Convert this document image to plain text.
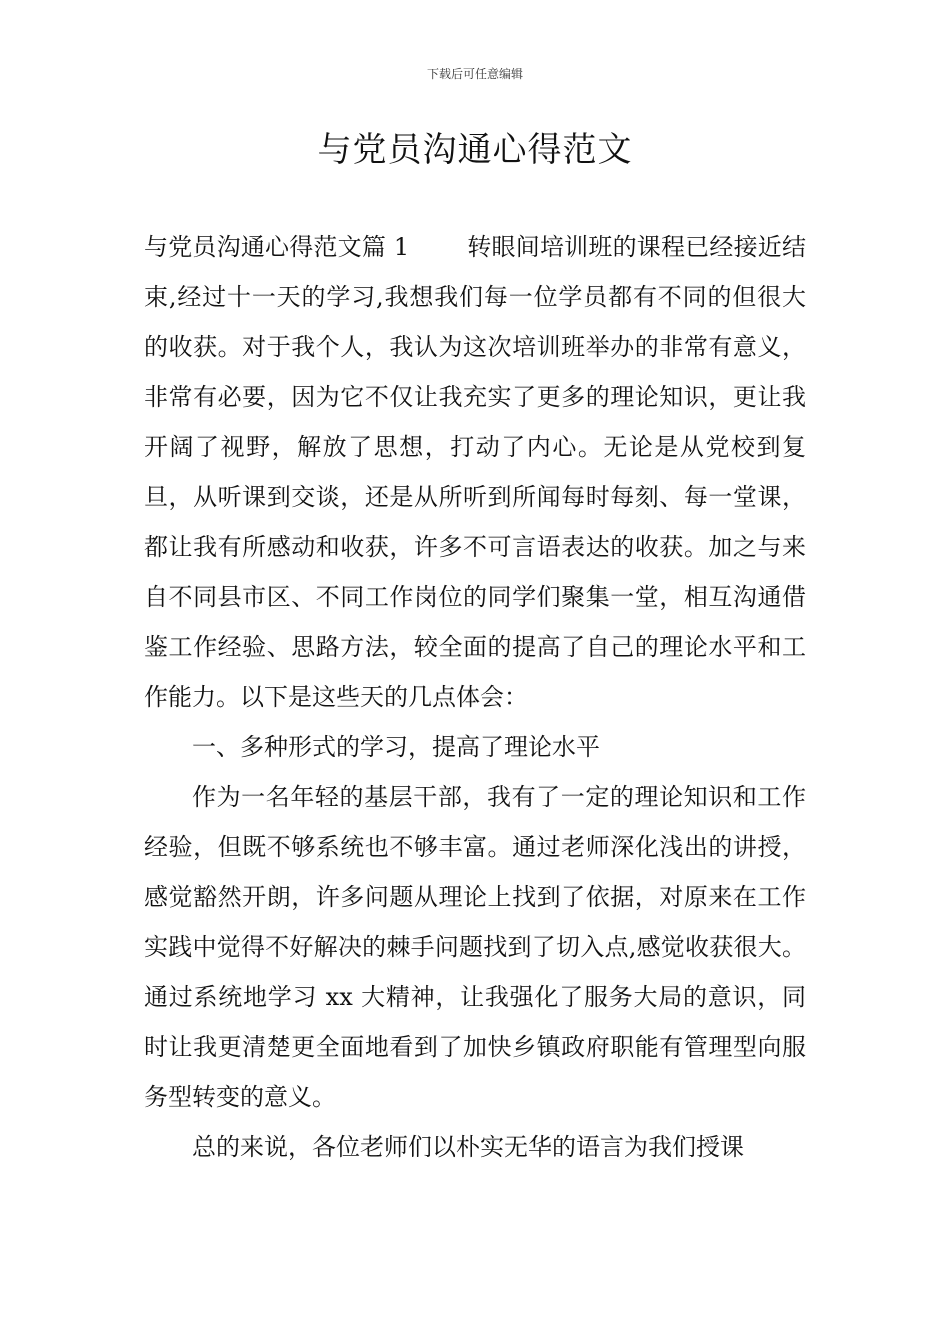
下载后可任意编辑
与党员沟通心得范文

与党员沟通心得范文篇 1 转眼间培训班的课程已经接近结束,经过十一天的学习,我想我们每一位学员都有不同的但很大的收获。对于我个人，我认为这次培训班举办的非常有意义，非常有必要，因为它不仅让我充实了更多的理论知识，更让我开阔了视野，解放了思想，打动了内心。无论是从党校到复旦，从听课到交谈，还是从所听到所闻每时每刻、每一堂课，都让我有所感动和收获，许多不可言语表达的收获。加之与来自不同县市区、不同工作岗位的同学们聚集一堂，相互沟通借鉴工作经验、思路方法，较全面的提高了自己的理论水平和工作能力。以下是这些天的几点体会：

一、多种形式的学习，提高了理论水平

作为一名年轻的基层干部，我有了一定的理论知识和工作经验，但既不够系统也不够丰富。通过老师深化浅出的讲授，感觉豁然开朗，许多问题从理论上找到了依据，对原来在工作实践中觉得不好解决的棘手问题找到了切入点,感觉收获很大。通过系统地学习 xx 大精神，让我强化了服务大局的意识，同时让我更清楚更全面地看到了加快乡镇政府职能有管理型向服务型转变的意义。

总的来说，各位老师们以朴实无华的语言为我们授课
